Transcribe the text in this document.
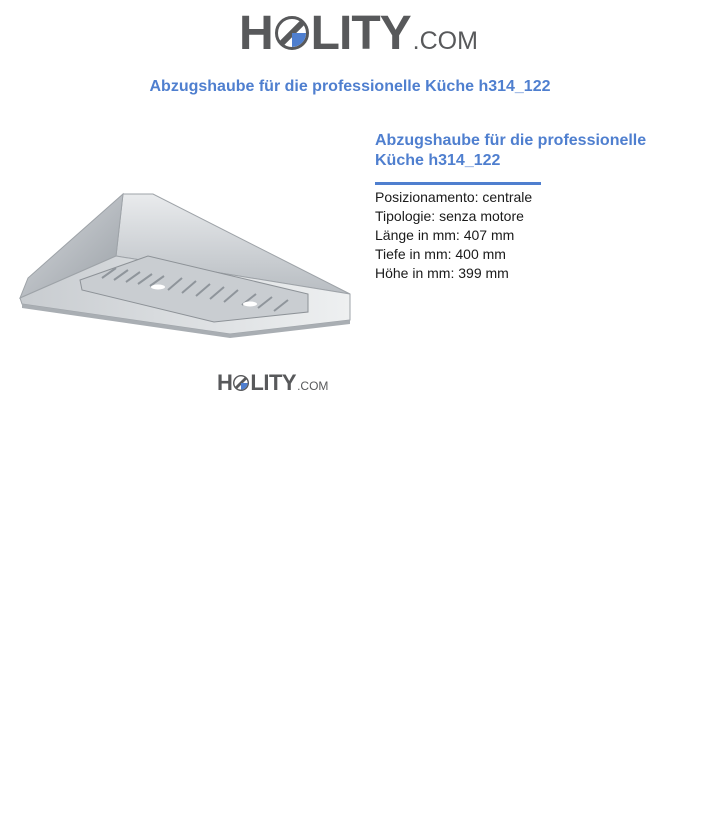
H LITY .COM
Abzugshaube für die professionelle Küche h314_122
H LITY .COM
Abzugshaube für die professionelle Küche h314_122
Posizionamento: centrale
Tipologie: senza motore
Länge in mm: 407 mm
Tiefe in mm: 400 mm
Höhe in mm: 399 mm
